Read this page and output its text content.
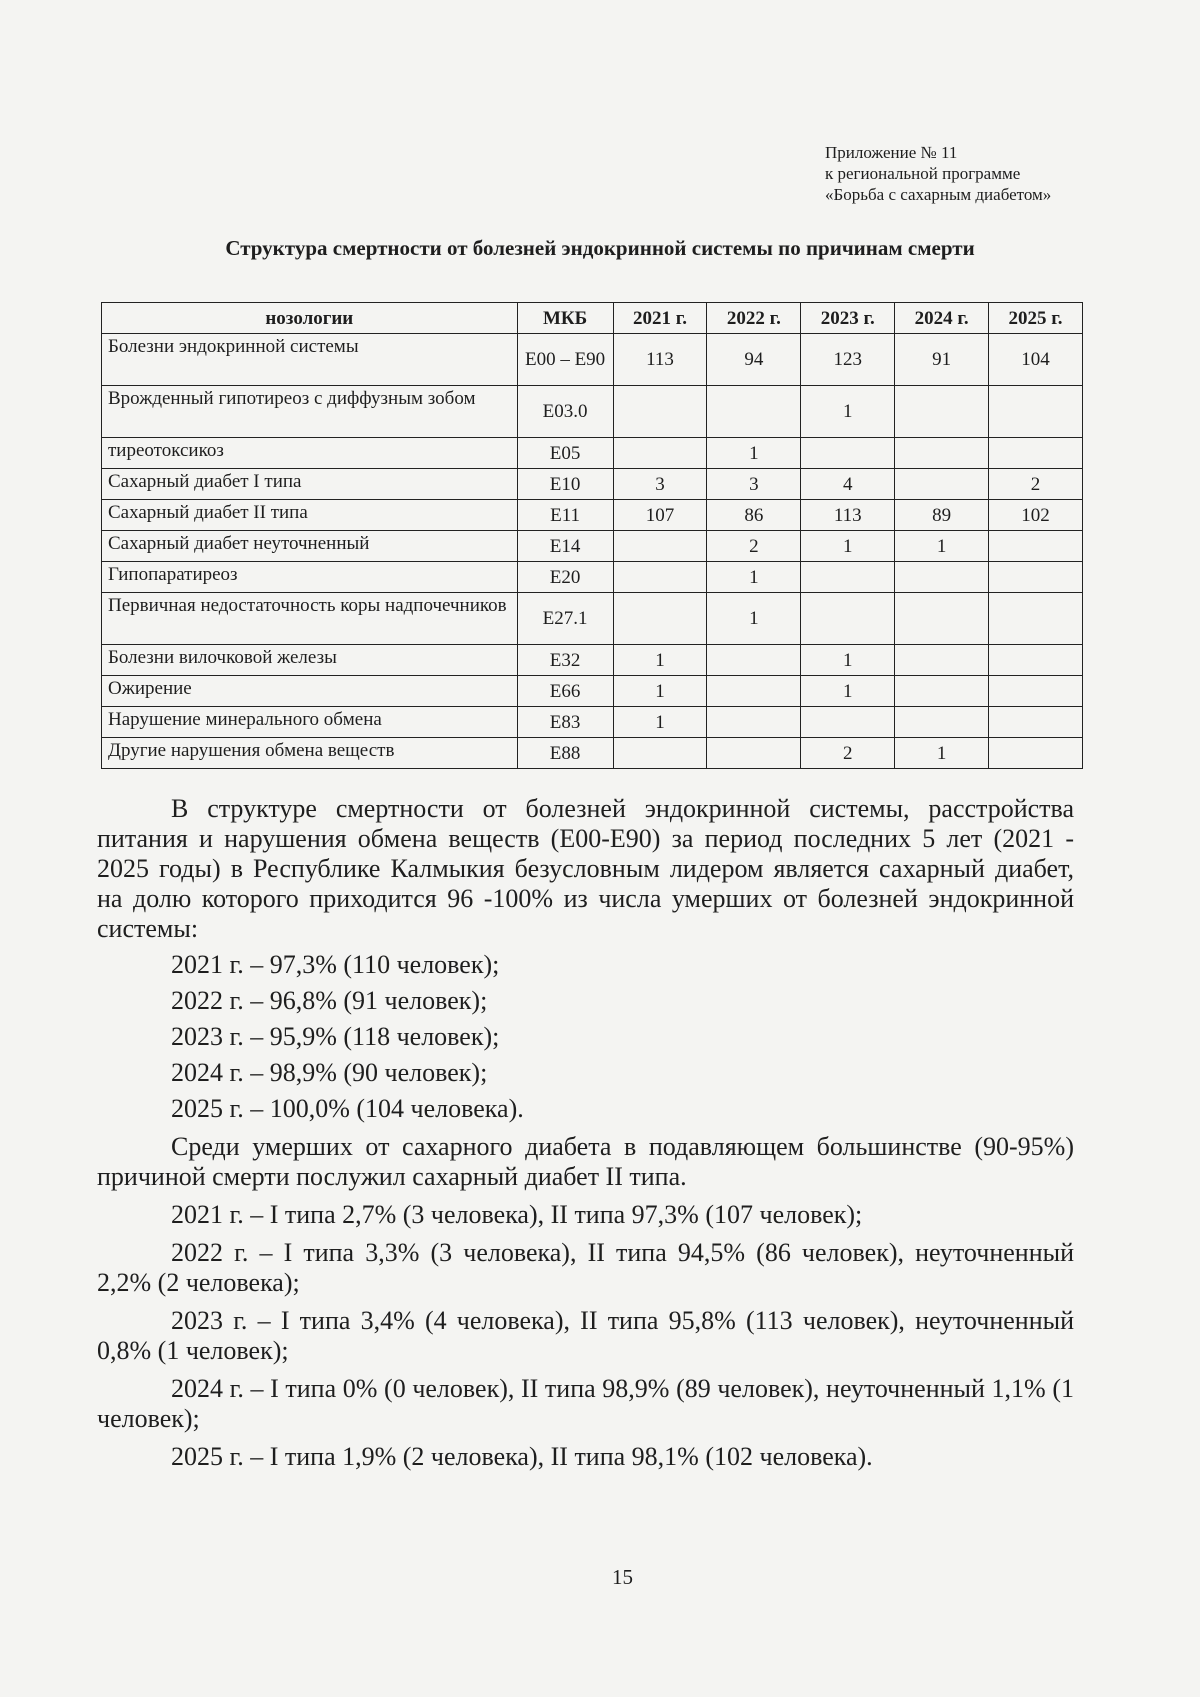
Приложение № 11
к региональной программе
«Борьба с сахарным диабетом»
Структура смертности от болезней эндокринной системы по причинам смерти
нозологии	МКБ	2021 г.	2022 г.	2023 г.	2024 г.	2025 г.
Болезни эндокринной системы	Е00 – Е90	113	94	123	91	104
Врожденный гипотиреоз с диффузным зобом	Е03.0			1		
тиреотоксикоз	Е05		1			
Сахарный диабет I типа	Е10	3	3	4		2
Сахарный диабет II типа	Е11	107	86	113	89	102
Сахарный диабет неуточненный	Е14		2	1	1	
Гипопаратиреоз	Е20		1			
Первичная недостаточность коры надпочечников	Е27.1		1			
Болезни вилочковой железы	Е32	1		1		
Ожирение	Е66	1		1		
Нарушение минерального обмена	Е83	1				
Другие нарушения обмена веществ	Е88			2	1	

В структуре смертности от болезней эндокринной системы, расстройства питания и нарушения обмена веществ (Е00-Е90) за период последних 5 лет (2021 - 2025 годы) в Республике Калмыкия безусловным лидером является сахарный диабет, на долю которого приходится 96 -100% из числа умерших от болезней эндокринной системы:

2021 г. – 97,3% (110 человек);

2022 г. – 96,8% (91 человек);

2023 г. – 95,9% (118 человек);

2024 г. – 98,9% (90 человек);

2025 г. – 100,0% (104 человека).

Среди умерших от сахарного диабета в подавляющем большинстве (90-95%) причиной смерти послужил сахарный диабет II типа.

2021 г. – I типа 2,7% (3 человека), II типа 97,3% (107 человек);

2022 г. – I типа 3,3% (3 человека), II типа 94,5% (86 человек), неуточненный 2,2% (2 человека);

2023 г. – I типа 3,4% (4 человека), II типа 95,8% (113 человек), неуточненный 0,8% (1 человек);

2024 г. – I типа 0% (0 человек), II типа 98,9% (89 человек), неуточненный 1,1% (1 человек);

2025 г. – I типа 1,9% (2 человека), II типа 98,1% (102 человека).

15
